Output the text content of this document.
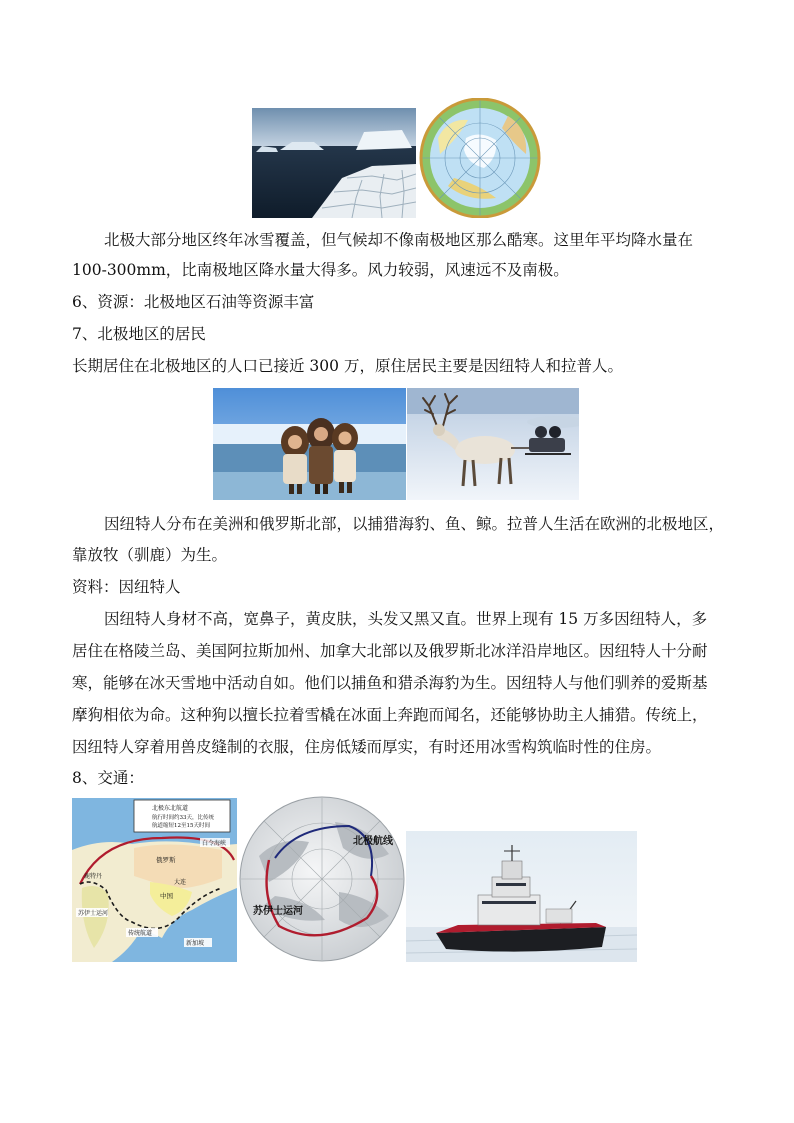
北极大部分地区终年冰雪覆盖，但气候却不像南极地区那么酷寒。这里年平均降水量在
100-300mm，比南极地区降水量大得多。风力较弱，风速远不及南极。
6、资源：北极地区石油等资源丰富
7、北极地区的居民
长期居住在北极地区的人口已接近 300 万，原住居民主要是因纽特人和拉普人。
因纽特人分布在美洲和俄罗斯北部，以捕猎海豹、鱼、鲸。拉普人生活在欧洲的北极地区，
靠放牧（驯鹿）为生。
资料：因纽特人
因纽特人身材不高，宽鼻子，黄皮肤，头发又黑又直。世界上现有 15 万多因纽特人，多
居住在格陵兰岛、美国阿拉斯加州、加拿大北部以及俄罗斯北冰洋沿岸地区。因纽特人十分耐
寒，能够在冰天雪地中活动自如。他们以捕鱼和猎杀海豹为生。因纽特人与他们驯养的爱斯基
摩狗相依为命。这种狗以擅长拉着雪橇在冰面上奔跑而闻名，还能够协助主人捕猎。传统上，
因纽特人穿着用兽皮缝制的衣服，住房低矮而厚实，有时还用冰雪构筑临时性的住房。
8、交通：
北极东北航道
航行时间约33天，比传统
航道缩短12至15天时间
白令海峡
俄罗斯
鹿特丹
大连
中国
苏伊士运河
传统航道
新加坡
北极航线
苏伊士运河
